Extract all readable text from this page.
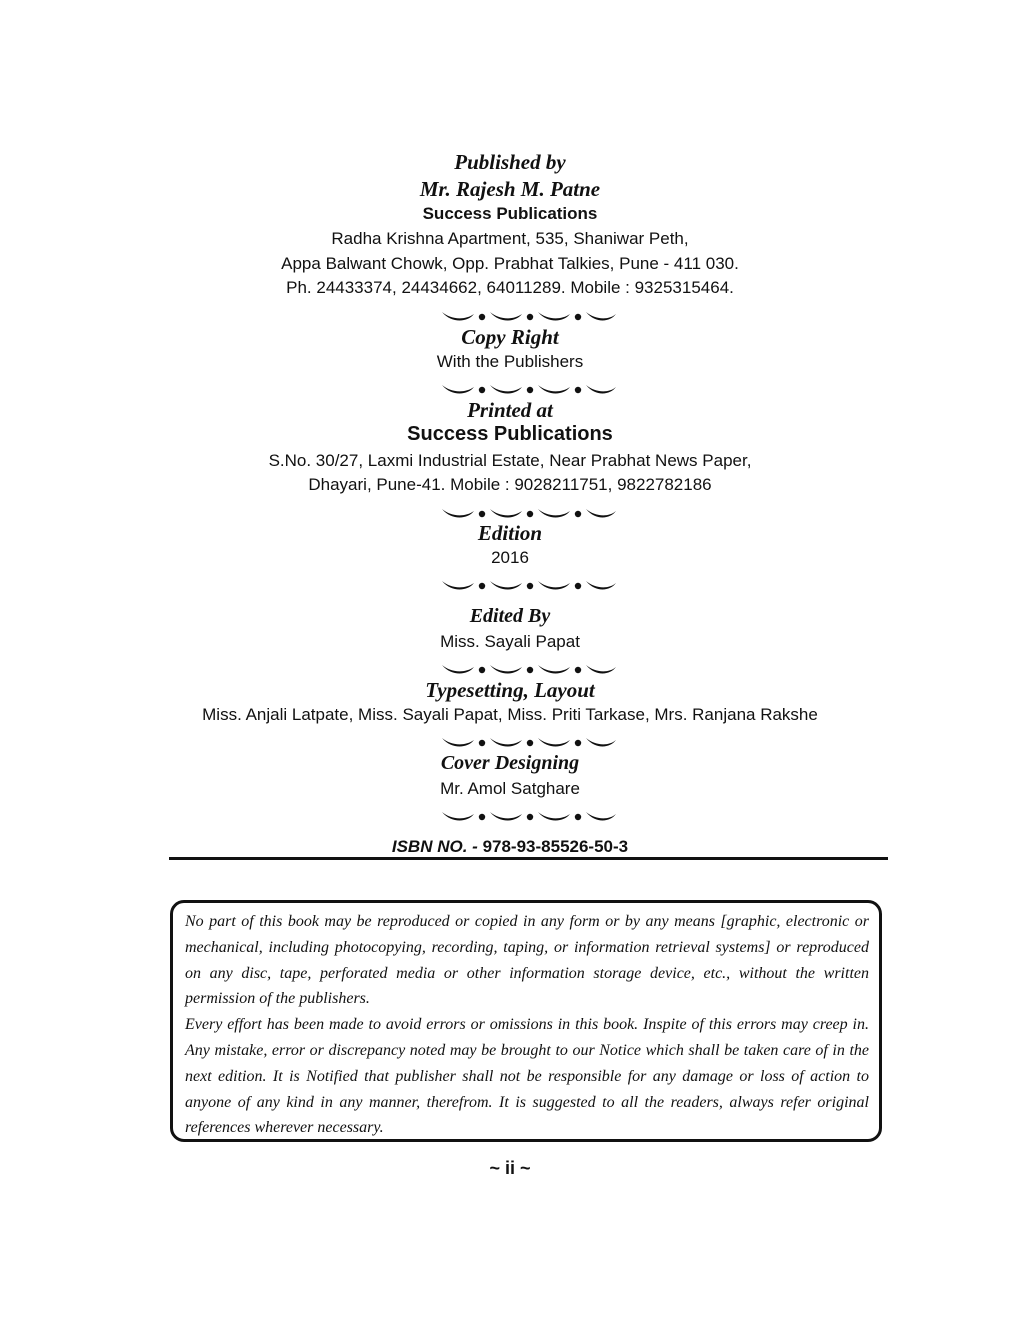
Published by
Mr. Rajesh M. Patne
Success Publications
Radha Krishna Apartment, 535, Shaniwar Peth,
Appa Balwant Chowk, Opp. Prabhat Talkies, Pune - 411 030.
Ph. 24433374, 24434662, 64011289. Mobile : 9325315464.
Copy Right
With the Publishers
Printed at
Success Publications
S.No. 30/27, Laxmi Industrial Estate, Near Prabhat News Paper,
Dhayari, Pune-41. Mobile : 9028211751, 9822782186
Edition
2016
Edited By
Miss. Sayali Papat
Typesetting, Layout
Miss. Anjali Latpate, Miss. Sayali Papat, Miss. Priti Tarkase, Mrs. Ranjana Rakshe
Cover Designing
Mr. Amol Satghare
ISBN NO. - 978-93-85526-50-3

No part of this book may be reproduced or copied in any form or by any means [graphic, electronic or mechanical, including photocopying, recording, taping, or information retrieval systems] or reproduced on any disc, tape, perforated media or other information storage device, etc., without the written permission of the publishers.

Every effort has been made to avoid errors or omissions in this book. Inspite of this errors may creep in. Any mistake, error or discrepancy noted may be brought to our Notice which shall be taken care of in the next edition. It is Notified that publisher shall not be responsible for any damage or loss of action to anyone of any kind in any manner, therefrom. It is suggested to all the readers, always refer original references wherever necessary.

~ ii ~
